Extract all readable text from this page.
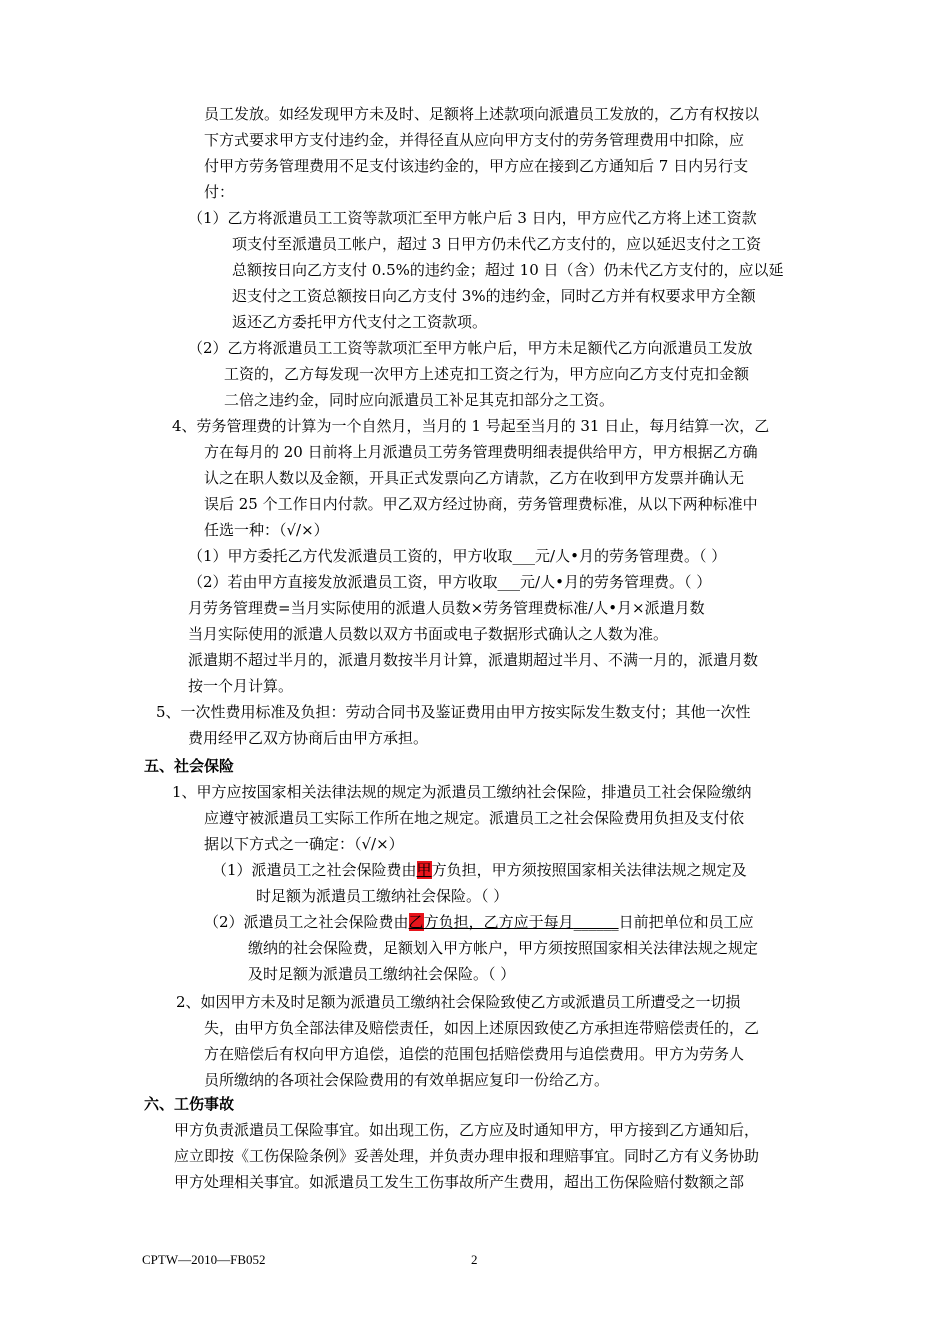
员工发放。如经发现甲方未及时、足额将上述款项向派遣员工发放的，乙方有权按以
下方式要求甲方支付违约金，并得径直从应向甲方支付的劳务管理费用中扣除，应
付甲方劳务管理费用不足支付该违约金的，甲方应在接到乙方通知后 7 日内另行支
付：
（1）乙方将派遣员工工资等款项汇至甲方帐户后 3 日内，甲方应代乙方将上述工资款
项支付至派遣员工帐户，超过 3 日甲方仍未代乙方支付的，应以延迟支付之工资
总额按日向乙方支付 0.5%的违约金；超过 10 日（含）仍未代乙方支付的，应以延
迟支付之工资总额按日向乙方支付 3%的违约金，同时乙方并有权要求甲方全额
返还乙方委托甲方代支付之工资款项。
（2）乙方将派遣员工工资等款项汇至甲方帐户后，甲方未足额代乙方向派遣员工发放
工资的，乙方每发现一次甲方上述克扣工资之行为，甲方应向乙方支付克扣金额
二倍之违约金，同时应向派遣员工补足其克扣部分之工资。
4、劳务管理费的计算为一个自然月，当月的 1 号起至当月的 31 日止，每月结算一次，乙
方在每月的 20 日前将上月派遣员工劳务管理费明细表提供给甲方，甲方根据乙方确
认之在职人数以及金额，开具正式发票向乙方请款，乙方在收到甲方发票并确认无
误后 25 个工作日内付款。甲乙双方经过协商，劳务管理费标准，从以下两种标准中
任选一种：（√/×）
（1）甲方委托乙方代发派遣员工资的，甲方收取___元/人•月的劳务管理费。（ ）
（2）若由甲方直接发放派遣员工资，甲方收取___元/人•月的劳务管理费。（ ）
月劳务管理费=当月实际使用的派遣人员数×劳务管理费标准/人•月×派遣月数
当月实际使用的派遣人员数以双方书面或电子数据形式确认之人数为准。
派遣期不超过半月的，派遣月数按半月计算，派遣期超过半月、不满一月的，派遣月数
按一个月计算。
5、一次性费用标准及负担：劳动合同书及鉴证费用由甲方按实际发生数支付；其他一次性
费用经甲乙双方协商后由甲方承担。
五、社会保险
1、甲方应按国家相关法律法规的规定为派遣员工缴纳社会保险，排遣员工社会保险缴纳
应遵守被派遣员工实际工作所在地之规定。派遣员工之社会保险费用负担及支付依
据以下方式之一确定：（√/×）
（1）派遣员工之社会保险费由甲方负担，甲方须按照国家相关法律法规之规定及
时足额为派遣员工缴纳社会保险。（ ）
（2）派遣员工之社会保险费由乙方负担，乙方应于每月______日前把单位和员工应
缴纳的社会保险费，足额划入甲方帐户，甲方须按照国家相关法律法规之规定
及时足额为派遣员工缴纳社会保险。（ ）
2、如因甲方未及时足额为派遣员工缴纳社会保险致使乙方或派遣员工所遭受之一切损
失，由甲方负全部法律及赔偿责任，如因上述原因致使乙方承担连带赔偿责任的，乙
方在赔偿后有权向甲方追偿，追偿的范围包括赔偿费用与追偿费用。甲方为劳务人
员所缴纳的各项社会保险费用的有效单据应复印一份给乙方。
六、工伤事故
甲方负责派遣员工保险事宜。如出现工伤，乙方应及时通知甲方，甲方接到乙方通知后，
应立即按《工伤保险条例》妥善处理，并负责办理申报和理赔事宜。同时乙方有义务协助
甲方处理相关事宜。如派遣员工发生工伤事故所产生费用，超出工伤保险赔付数额之部
CPTW—2010—FB052	2
